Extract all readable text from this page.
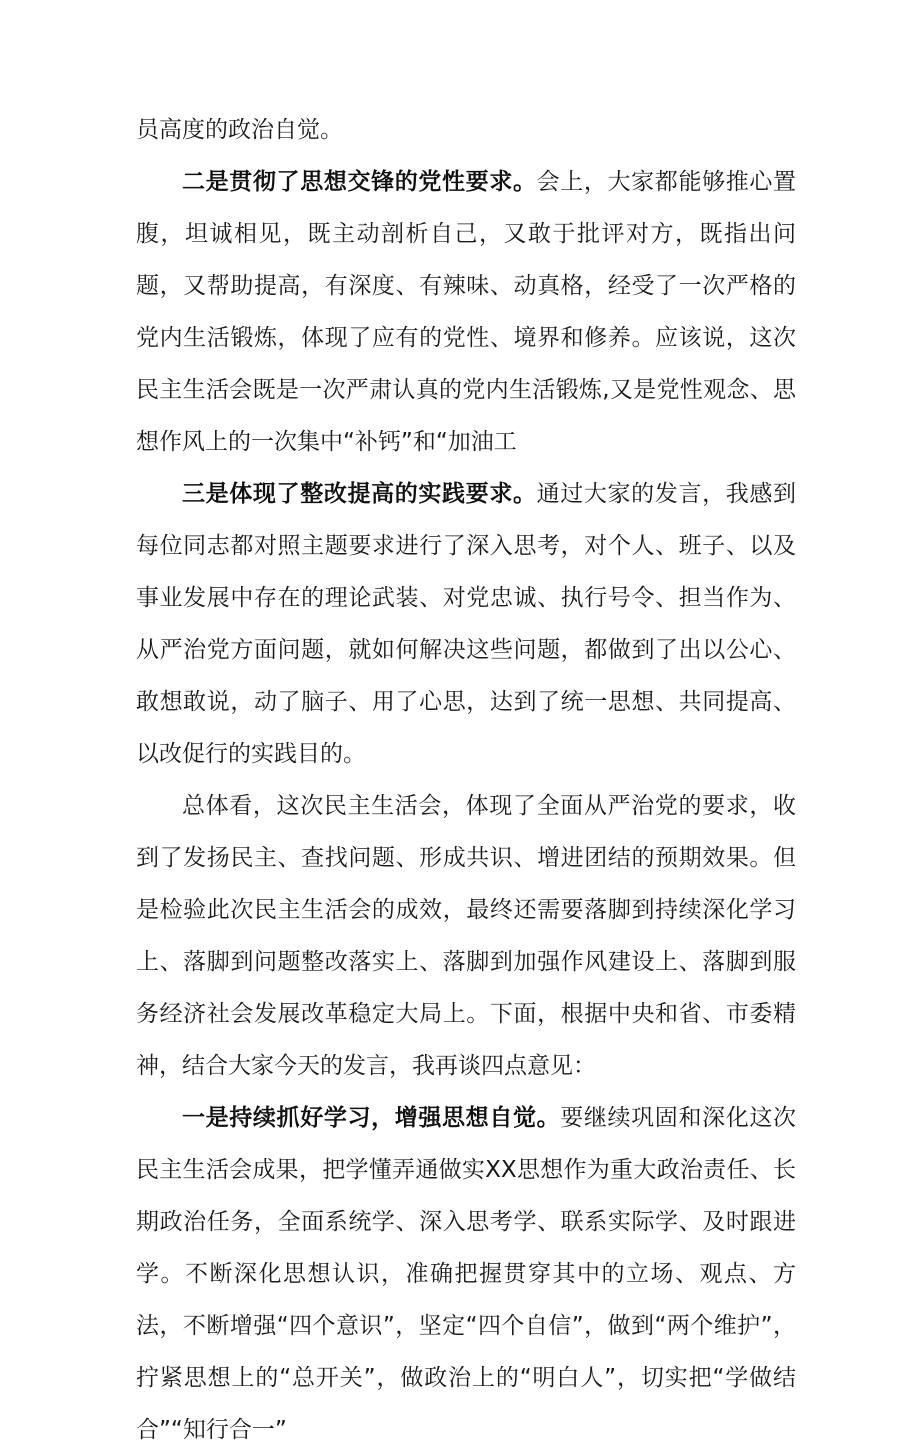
员高度的政治自觉。

二是贯彻了思想交锋的党性要求。会上，大家都能够推心置腹，坦诚相见，既主动剖析自己，又敢于批评对方，既指出问题，又帮助提高，有深度、有辣味、动真格，经受了一次严格的党内生活锻炼，体现了应有的党性、境界和修养。应该说，这次民主生活会既是一次严肃认真的党内生活锻炼,又是党性观念、思想作风上的一次集中“补钙”和“加油工

三是体现了整改提高的实践要求。通过大家的发言，我感到每位同志都对照主题要求进行了深入思考，对个人、班子、以及事业发展中存在的理论武装、对党忠诚、执行号令、担当作为、从严治党方面问题，就如何解决这些问题，都做到了出以公心、敢想敢说，动了脑子、用了心思，达到了统一思想、共同提高、以改促行的实践目的。

总体看，这次民主生活会，体现了全面从严治党的要求，收到了发扬民主、查找问题、形成共识、增进团结的预期效果。但是检验此次民主生活会的成效，最终还需要落脚到持续深化学习上、落脚到问题整改落实上、落脚到加强作风建设上、落脚到服务经济社会发展改革稳定大局上。下面，根据中央和省、市委精神，结合大家今天的发言，我再谈四点意见：

一是持续抓好学习，增强思想自觉。要继续巩固和深化这次民主生活会成果，把学懂弄通做实XX思想作为重大政治责任、长期政治任务，全面系统学、深入思考学、联系实际学、及时跟进学。不断深化思想认识，准确把握贯穿其中的立场、观点、方法，不断增强“四个意识”，坚定“四个自信”，做到“两个维护”，拧紧思想上的“总开关”，做政治上的“明白人”，切实把“学做结合”“知行合一”
